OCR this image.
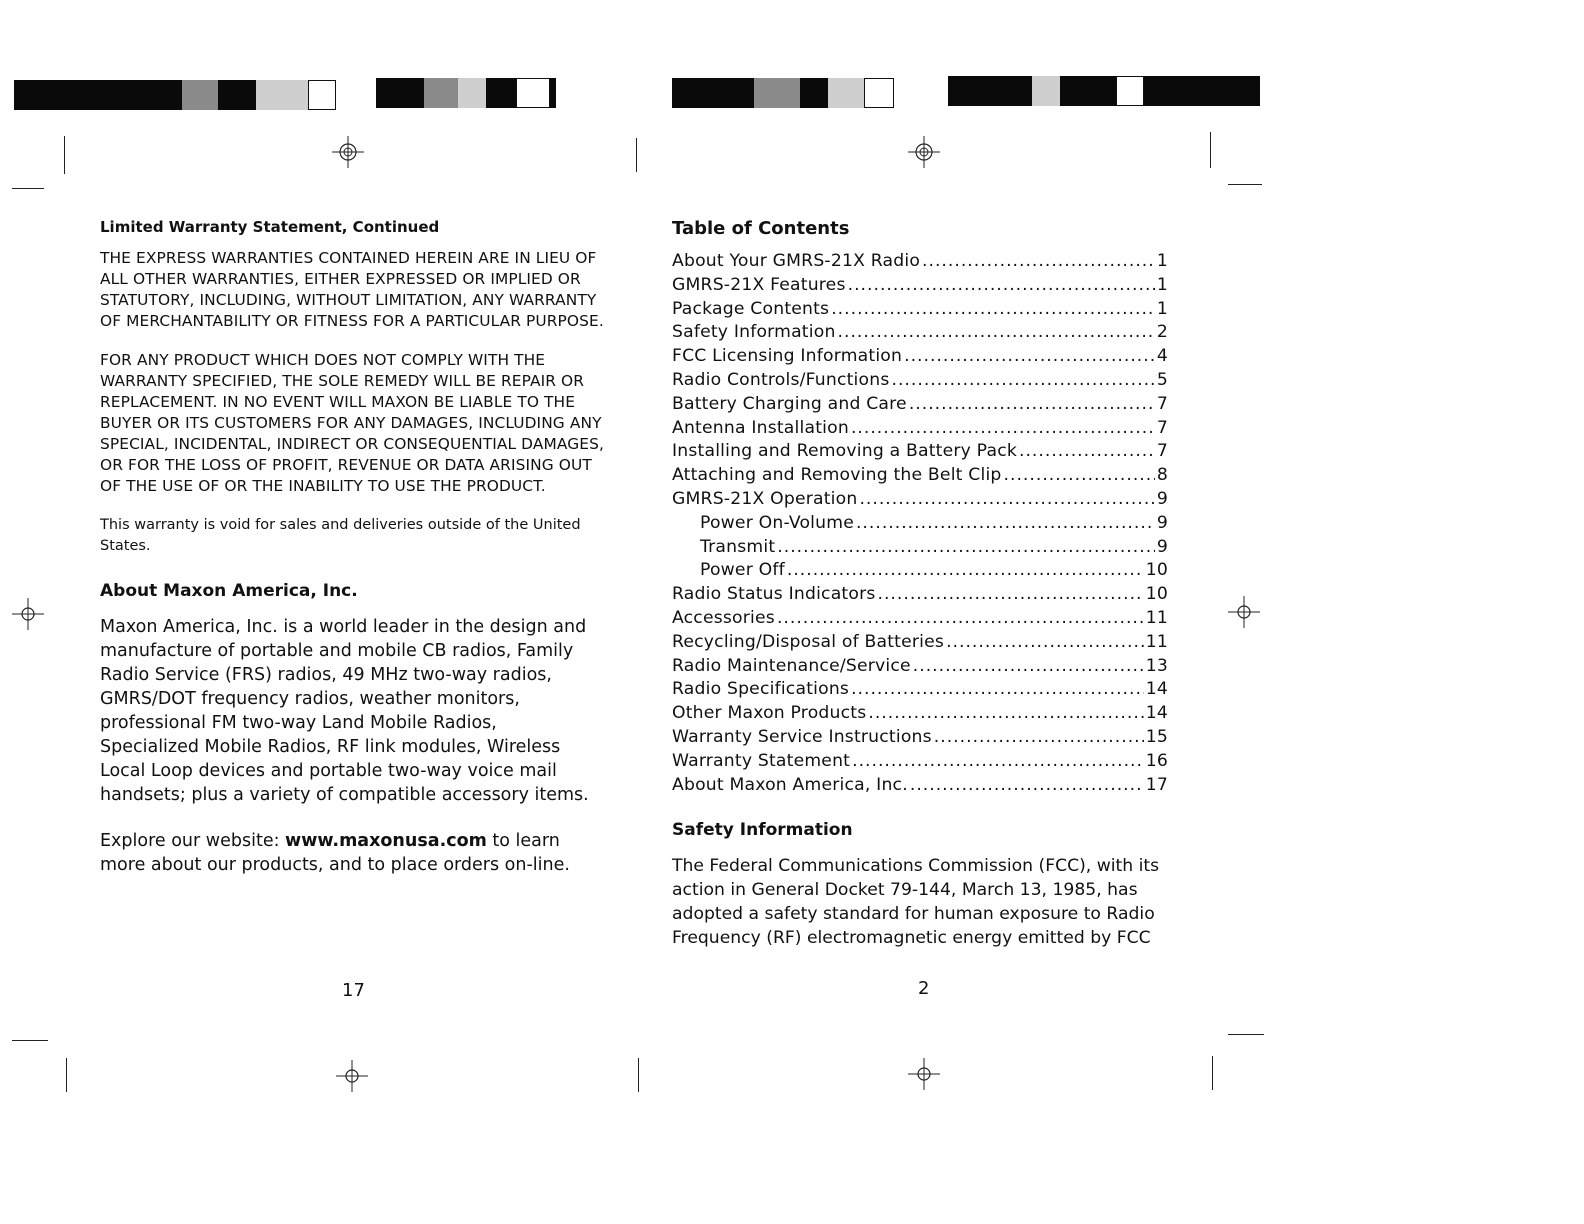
Limited Warranty Statement, Continued

THE EXPRESS WARRANTIES CONTAINED HEREIN ARE IN LIEU OF ALL OTHER WARRANTIES, EITHER EXPRESSED OR IMPLIED OR STATUTORY, INCLUDING, WITHOUT LIMITATION, ANY WARRANTY OF MERCHANTABILITY OR FITNESS FOR A PARTICULAR PURPOSE.

FOR ANY PRODUCT WHICH DOES NOT COMPLY WITH THE WARRANTY SPECIFIED, THE SOLE REMEDY WILL BE REPAIR OR REPLACEMENT. IN NO EVENT WILL MAXON BE LIABLE TO THE BUYER OR ITS CUSTOMERS FOR ANY DAMAGES, INCLUDING ANY SPECIAL, INCIDENTAL, INDIRECT OR CONSEQUENTIAL DAMAGES, OR FOR THE LOSS OF PROFIT, REVENUE OR DATA ARISING OUT OF THE USE OF OR THE INABILITY TO USE THE PRODUCT.

This warranty is void for sales and deliveries outside of the United States.

About Maxon America, Inc.

Maxon America, Inc. is a world leader in the design and manufacture of portable and mobile CB radios, Family Radio Service (FRS) radios, 49 MHz two-way radios, GMRS/DOT frequency radios, weather monitors, professional FM two-way Land Mobile Radios, Specialized Mobile Radios, RF link modules, Wireless Local Loop devices and portable two-way voice mail handsets; plus a variety of compatible accessory items.

Explore our website: www.maxonusa.com to learn more about our products, and to place orders on-line.

17

Table of Contents

About Your GMRS-21X Radio .....	1
GMRS-21X Features .....	1
Package Contents .....	1
Safety Information .....	2
FCC Licensing Information .....	4
Radio Controls/Functions .....	5
Battery Charging and Care .....	7
Antenna Installation .....	7
Installing and Removing a Battery Pack .....	7
Attaching and Removing the Belt Clip .....	8
GMRS-21X Operation .....	9
Power On-Volume .....	9
Transmit .....	9
Power Off .....	10
Radio Status Indicators .....	10
Accessories .....	11
Recycling/Disposal of Batteries .....	11
Radio Maintenance/Service .....	13
Radio Specifications .....	14
Other Maxon Products .....	14
Warranty Service Instructions .....	15
Warranty Statement .....	16
About Maxon America, Inc. .....	17

Safety Information

The Federal Communications Commission (FCC), with its action in General Docket 79-144, March 13, 1985, has adopted a safety standard for human exposure to Radio Frequency (RF) electromagnetic energy emitted by FCC

2
